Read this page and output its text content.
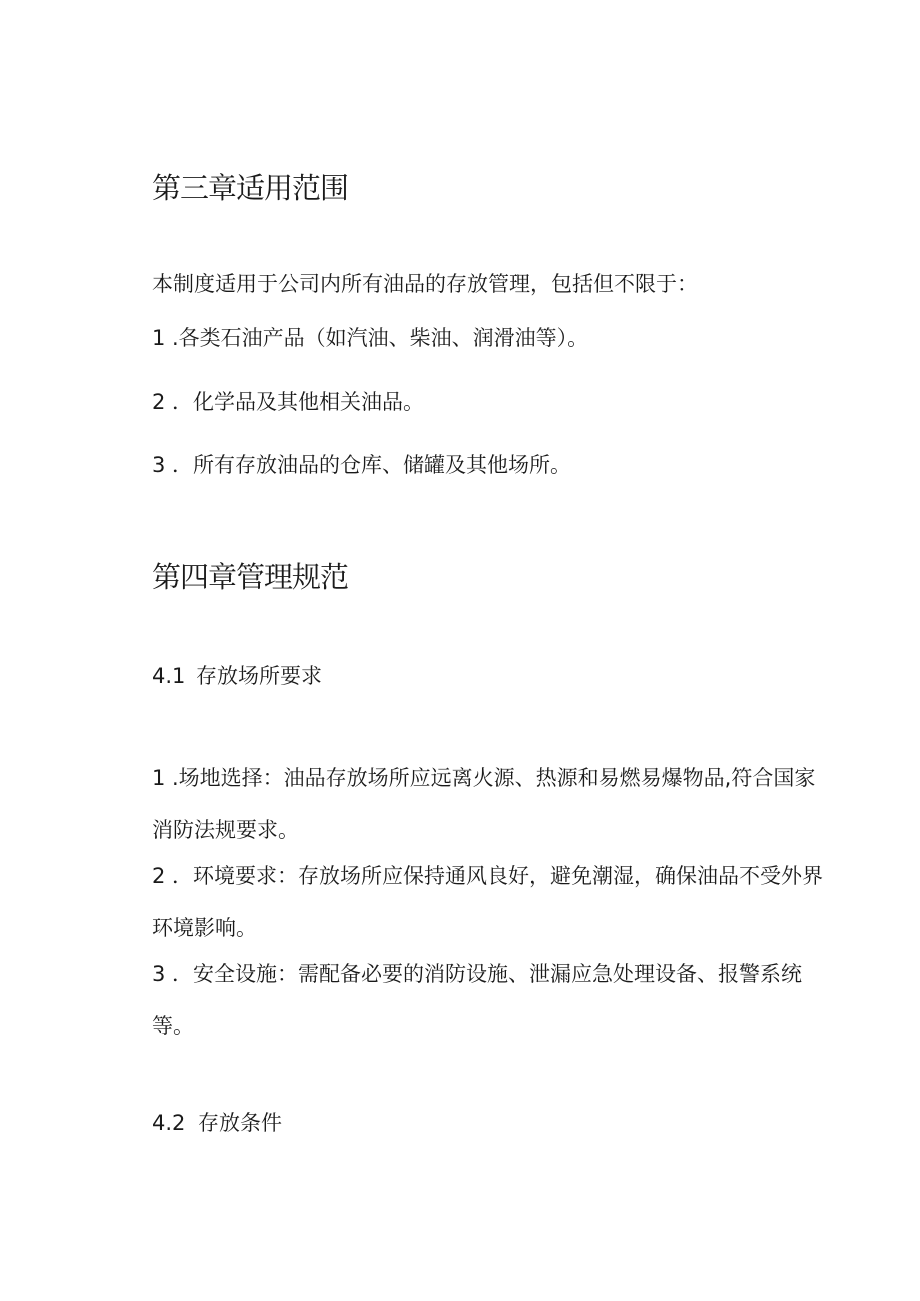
第三章适用范围

本制度适用于公司内所有油品的存放管理，包括但不限于：

1 .各类石油产品（如汽油、柴油、润滑油等）。

2 ．化学品及其他相关油品。

3 ．所有存放油品的仓库、储罐及其他场所。

第四章管理规范

4.1 存放场所要求

1 .场地选择：油品存放场所应远离火源、热源和易燃易爆物品,符合国家消防法规要求。

2 ．环境要求：存放场所应保持通风良好，避免潮湿，确保油品不受外界环境影响。

3 ．安全设施：需配备必要的消防设施、泄漏应急处理设备、报警系统等。

4.2 存放条件
